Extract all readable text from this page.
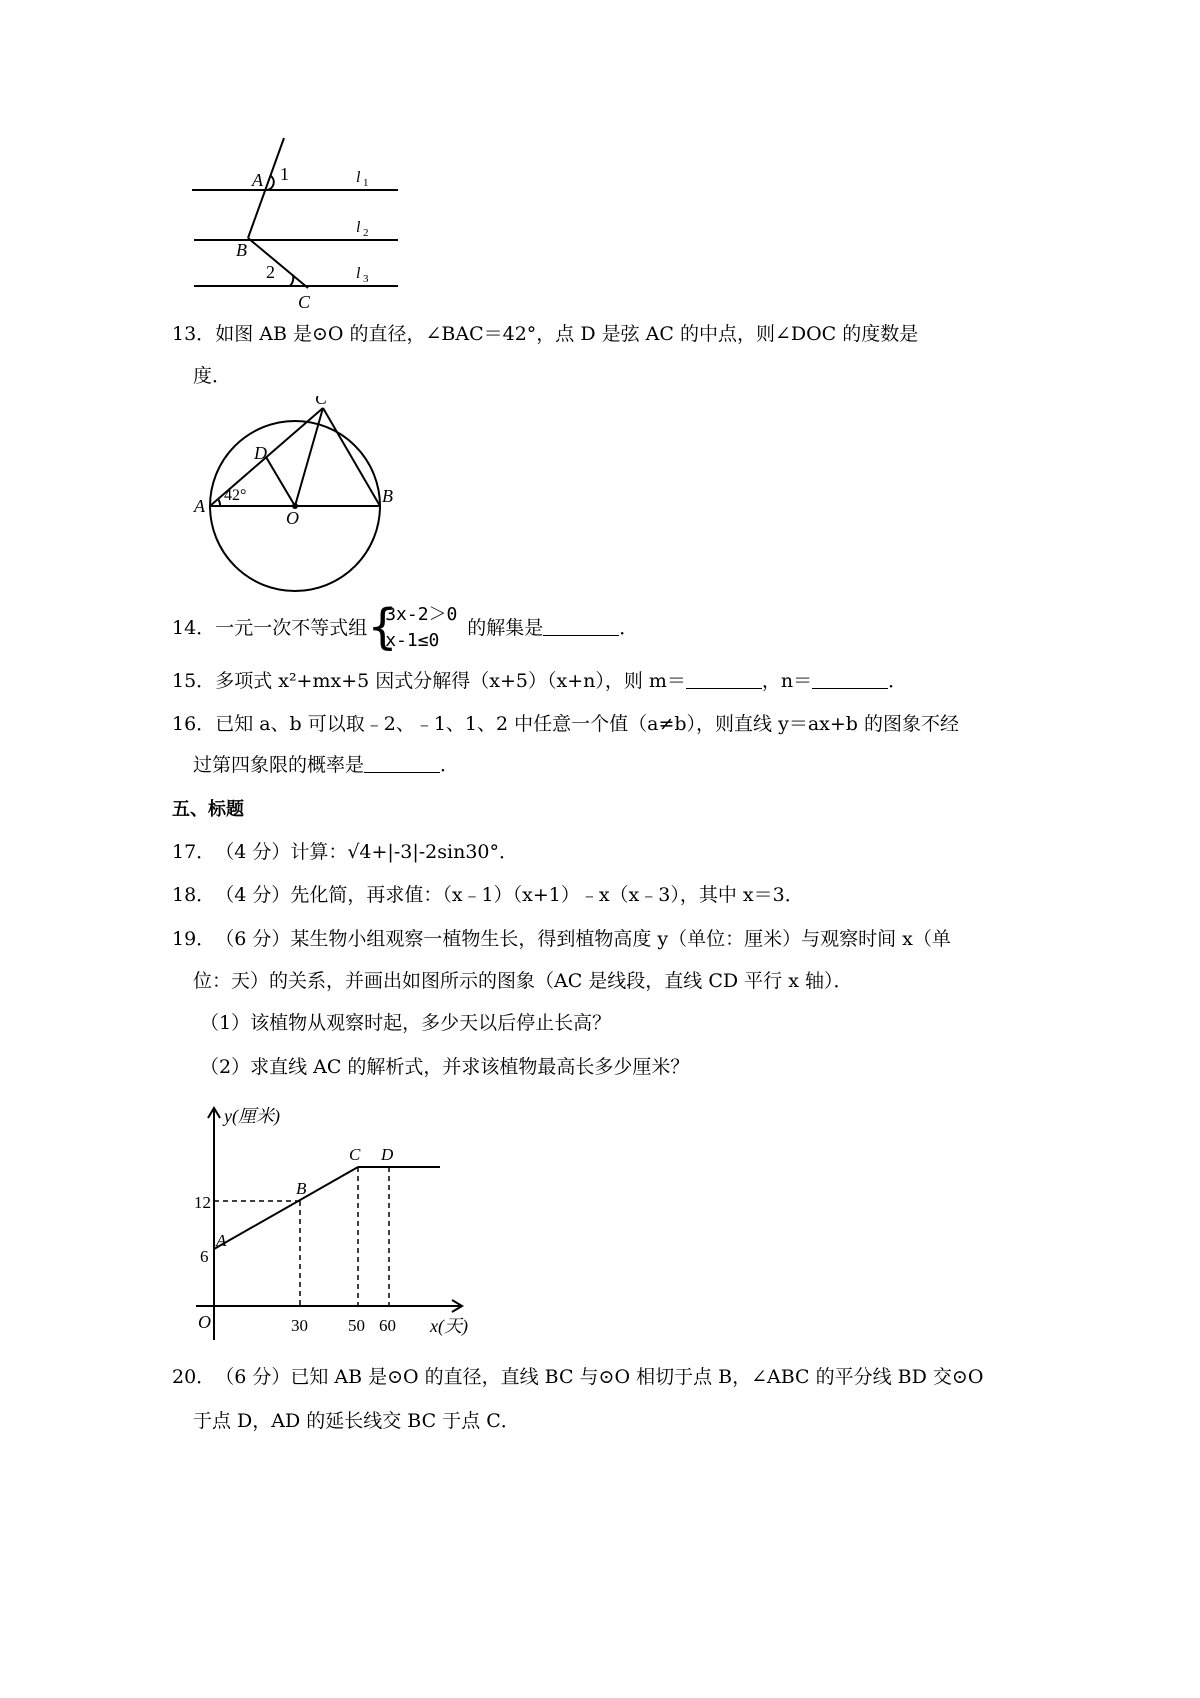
A 1
B
2
C
l 1
l 2
l 3
13．如图 AB 是⊙O 的直径，∠BAC＝42°，点 D 是弦 AC 的中点，则∠DOC 的度数是
度．
C
D
A	B
O
42°
14．一元一次不等式组 {
3x-2＞0
x-1≤0
的解集是	．
15．多项式 x²+mx+5 因式分解得（x+5）（x+n），则 m＝	，n＝	．
16．已知 a、b 可以取﹣2、﹣1、1、2 中任意一个值（a≠b），则直线 y＝ax+b 的图象不经
过第四象限的概率是	．
五、标题
17．（4 分）计算：√4+|-3|-2sin30°．
18．（4 分）先化简，再求值：（x﹣1）（x+1）﹣x（x﹣3），其中 x＝3．
19．（6 分）某生物小组观察一植物生长，得到植物高度 y（单位：厘米）与观察时间 x（单
位：天）的关系，并画出如图所示的图象（AC 是线段，直线 CD 平行 x 轴）．
（1）该植物从观察时起，多少天以后停止长高？
（2）求直线 AC 的解析式，并求该植物最高长多少厘米？
y(厘米)
x(天)
O
12
6
30 50 60
A
B
C D
20．（6 分）已知 AB 是⊙O 的直径，直线 BC 与⊙O 相切于点 B，∠ABC 的平分线 BD 交⊙O
于点 D，AD 的延长线交 BC 于点 C．
